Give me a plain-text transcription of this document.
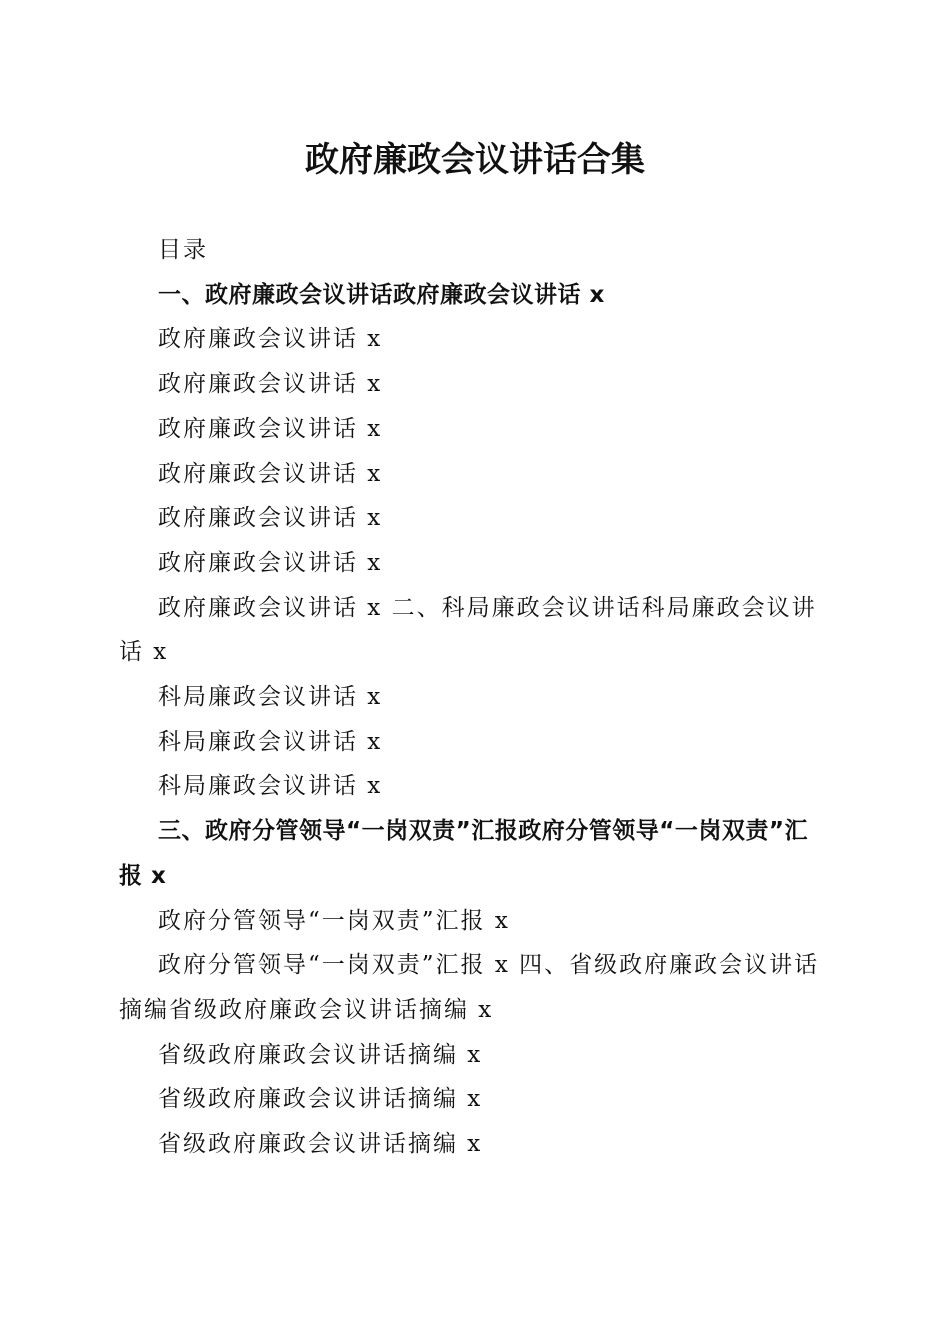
政府廉政会议讲话合集

目录

一、政府廉政会议讲话政府廉政会议讲话 x

政府廉政会议讲话 x

政府廉政会议讲话 x

政府廉政会议讲话 x

政府廉政会议讲话 x

政府廉政会议讲话 x

政府廉政会议讲话 x

政府廉政会议讲话 x 二、科局廉政会议讲话科局廉政会议讲话 x

科局廉政会议讲话 x

科局廉政会议讲话 x

科局廉政会议讲话 x

三、政府分管领导“一岗双责”汇报政府分管领导“一岗双责”汇报 x

政府分管领导“一岗双责”汇报 x

政府分管领导“一岗双责”汇报 x 四、省级政府廉政会议讲话摘编省级政府廉政会议讲话摘编 x

省级政府廉政会议讲话摘编 x

省级政府廉政会议讲话摘编 x

省级政府廉政会议讲话摘编 x
